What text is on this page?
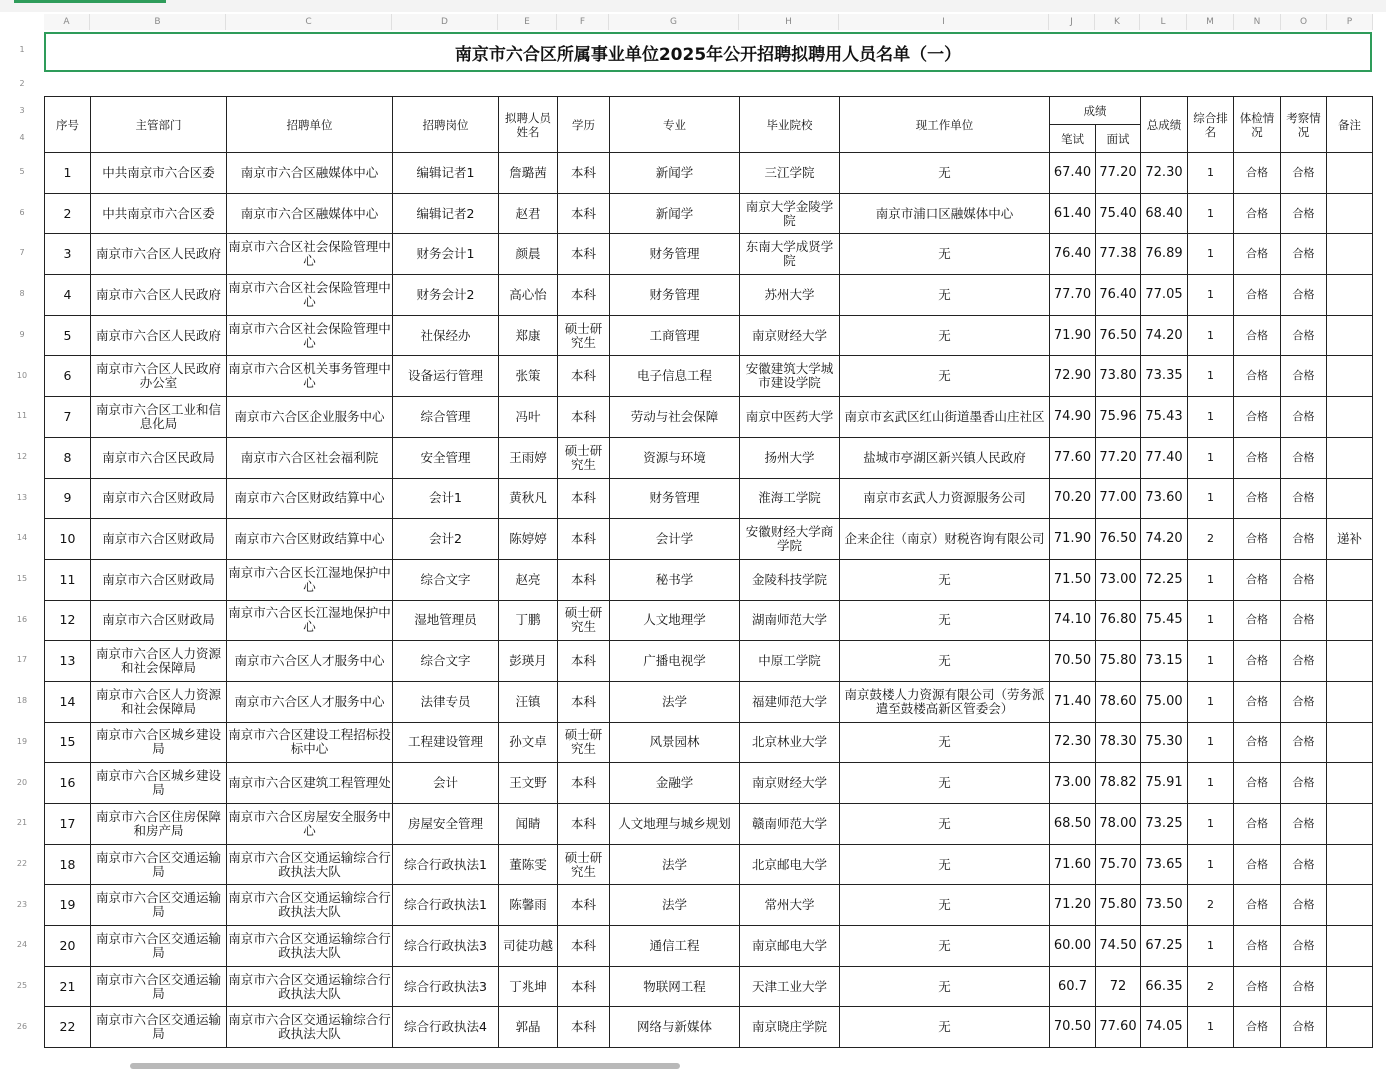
A	B	C	D	E	F	G	H	I	J	K	L	M	N	O	P
1
2
3
4
5
6
7
8
9
10
11
12
13
14
15
16
17
18
19
20
21
22
23
24
25
26
南京市六合区所属事业单位2025年公开招聘拟聘用人员名单（一）
序号	主管部门	招聘单位	招聘岗位	拟聘人员姓名	学历	专业	毕业院校	现工作单位	成绩		总成绩	综合排名	体检情况	考察情况	备注
									笔试	面试					
1	中共南京市六合区委	南京市六合区融媒体中心	编辑记者1	詹璐茜	本科	新闻学	三江学院	无	67.40	77.20	72.30	1	合格	合格	
2	中共南京市六合区委	南京市六合区融媒体中心	编辑记者2	赵君	本科	新闻学	南京大学金陵学院	南京市浦口区融媒体中心	61.40	75.40	68.40	1	合格	合格	
3	南京市六合区人民政府	南京市六合区社会保险管理中心	财务会计1	颜晨	本科	财务管理	东南大学成贤学院	无	76.40	77.38	76.89	1	合格	合格	
4	南京市六合区人民政府	南京市六合区社会保险管理中心	财务会计2	高心怡	本科	财务管理	苏州大学	无	77.70	76.40	77.05	1	合格	合格	
5	南京市六合区人民政府	南京市六合区社会保险管理中心	社保经办	郑康	硕士研究生	工商管理	南京财经大学	无	71.90	76.50	74.20	1	合格	合格	
6	南京市六合区人民政府办公室	南京市六合区机关事务管理中心	设备运行管理	张策	本科	电子信息工程	安徽建筑大学城市建设学院	无	72.90	73.80	73.35	1	合格	合格	
7	南京市六合区工业和信息化局	南京市六合区企业服务中心	综合管理	冯叶	本科	劳动与社会保障	南京中医药大学	南京市玄武区红山街道墨香山庄社区	74.90	75.96	75.43	1	合格	合格	
8	南京市六合区民政局	南京市六合区社会福利院	安全管理	王雨婷	硕士研究生	资源与环境	扬州大学	盐城市亭湖区新兴镇人民政府	77.60	77.20	77.40	1	合格	合格	
9	南京市六合区财政局	南京市六合区财政结算中心	会计1	黄秋凡	本科	财务管理	淮海工学院	南京市玄武人力资源服务公司	70.20	77.00	73.60	1	合格	合格	
10	南京市六合区财政局	南京市六合区财政结算中心	会计2	陈婷婷	本科	会计学	安徽财经大学商学院	企来企往（南京）财税咨询有限公司	71.90	76.50	74.20	2	合格	合格	递补
11	南京市六合区财政局	南京市六合区长江湿地保护中心	综合文字	赵亮	本科	秘书学	金陵科技学院	无	71.50	73.00	72.25	1	合格	合格	
12	南京市六合区财政局	南京市六合区长江湿地保护中心	湿地管理员	丁鹏	硕士研究生	人文地理学	湖南师范大学	无	74.10	76.80	75.45	1	合格	合格	
13	南京市六合区人力资源和社会保障局	南京市六合区人才服务中心	综合文字	彭瑛月	本科	广播电视学	中原工学院	无	70.50	75.80	73.15	1	合格	合格	
14	南京市六合区人力资源和社会保障局	南京市六合区人才服务中心	法律专员	汪镇	本科	法学	福建师范大学	南京鼓楼人力资源有限公司（劳务派遣至鼓楼高新区管委会）	71.40	78.60	75.00	1	合格	合格	
15	南京市六合区城乡建设局	南京市六合区建设工程招标投标中心	工程建设管理	孙文卓	硕士研究生	风景园林	北京林业大学	无	72.30	78.30	75.30	1	合格	合格	
16	南京市六合区城乡建设局	南京市六合区建筑工程管理处	会计	王文野	本科	金融学	南京财经大学	无	73.00	78.82	75.91	1	合格	合格	
17	南京市六合区住房保障和房产局	南京市六合区房屋安全服务中心	房屋安全管理	闻睛	本科	人文地理与城乡规划	赣南师范大学	无	68.50	78.00	73.25	1	合格	合格	
18	南京市六合区交通运输局	南京市六合区交通运输综合行政执法大队	综合行政执法1	董陈雯	硕士研究生	法学	北京邮电大学	无	71.60	75.70	73.65	1	合格	合格	
19	南京市六合区交通运输局	南京市六合区交通运输综合行政执法大队	综合行政执法1	陈馨雨	本科	法学	常州大学	无	71.20	75.80	73.50	2	合格	合格	
20	南京市六合区交通运输局	南京市六合区交通运输综合行政执法大队	综合行政执法3	司徒功越	本科	通信工程	南京邮电大学	无	60.00	74.50	67.25	1	合格	合格	
21	南京市六合区交通运输局	南京市六合区交通运输综合行政执法大队	综合行政执法3	丁兆坤	本科	物联网工程	天津工业大学	无	60.7	72	66.35	2	合格	合格	
22	南京市六合区交通运输局	南京市六合区交通运输综合行政执法大队	综合行政执法4	郭晶	本科	网络与新媒体	南京晓庄学院	无	70.50	77.60	74.05	1	合格	合格	
